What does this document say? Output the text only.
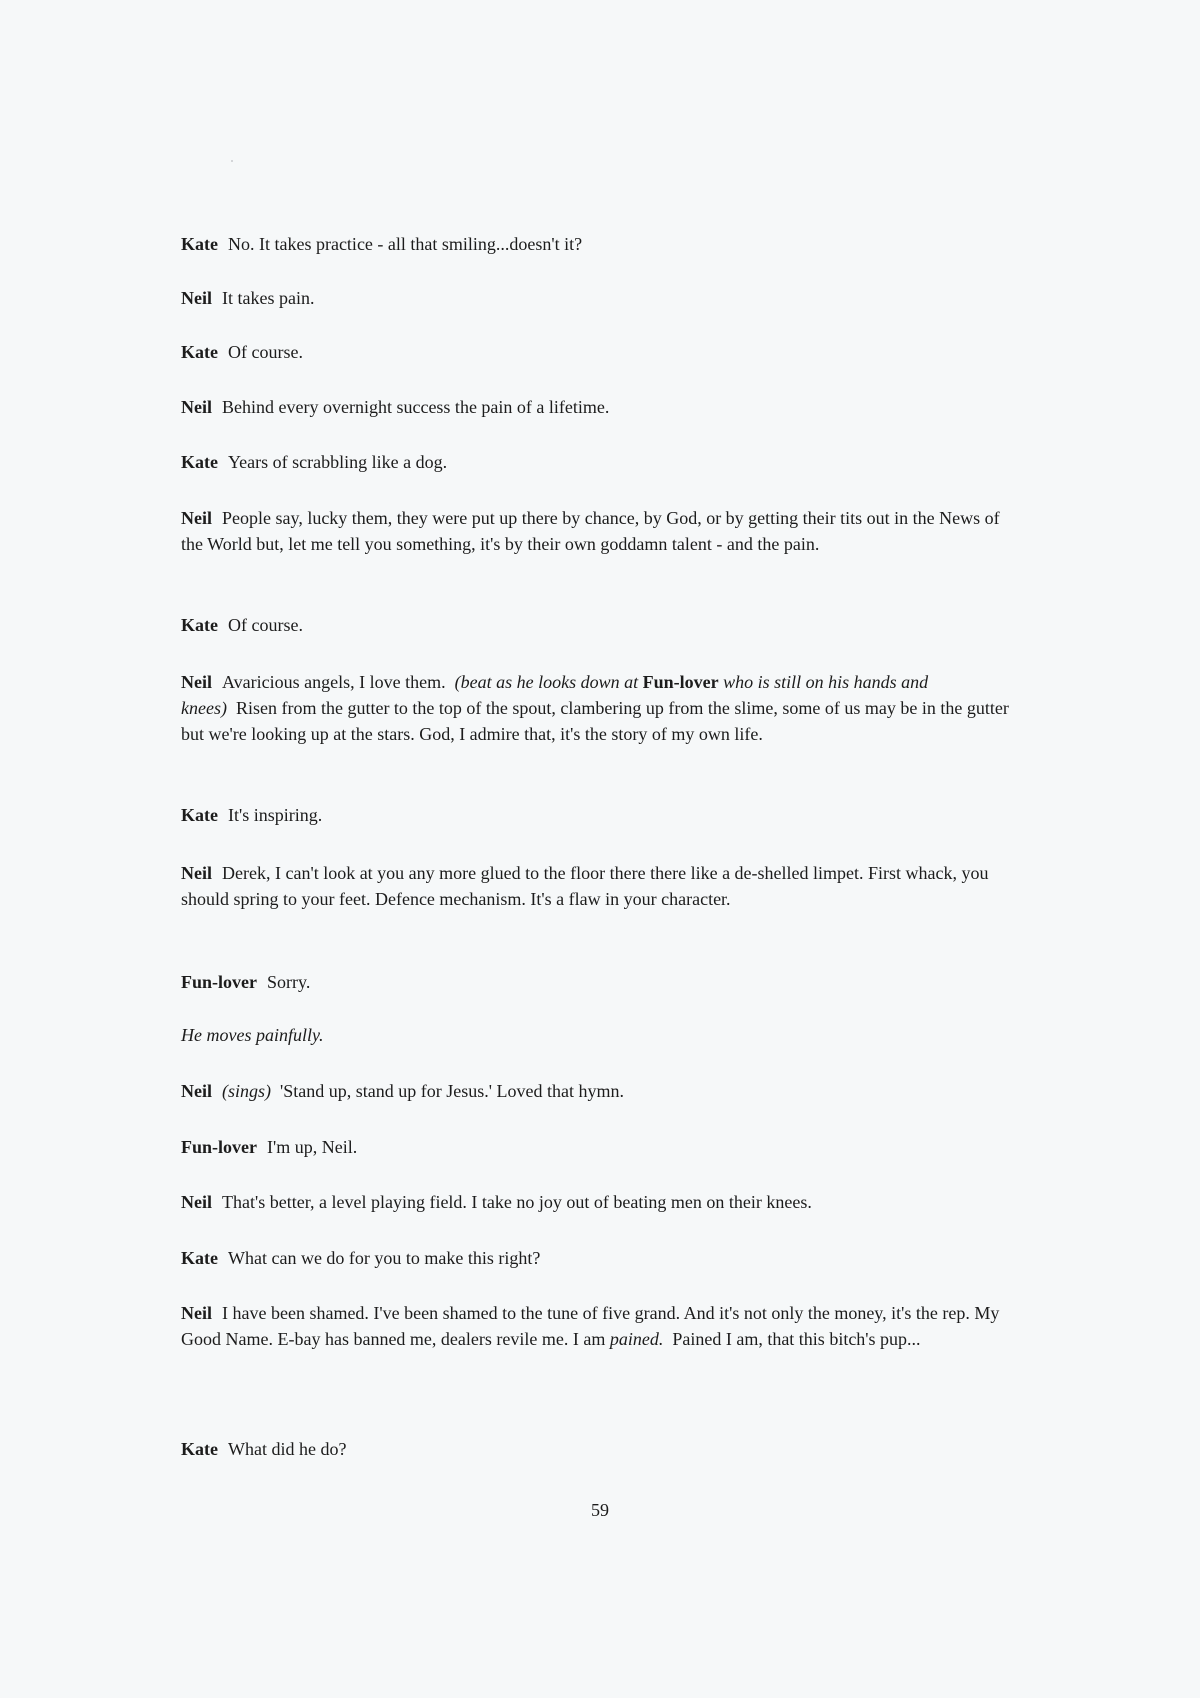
Kate No. It takes practice - all that smiling...doesn't it?

Neil It takes pain.

Kate Of course.

Neil Behind every overnight success the pain of a lifetime.

Kate Years of scrabbling like a dog.

Neil People say, lucky them, they were put up there by chance, by God, or by getting their tits out in the News of the World but, let me tell you something, it's by their own goddamn talent - and the pain.

Kate Of course.

Neil Avaricious angels, I love them. (beat as he looks down at Fun-lover who is still on his hands and knees) Risen from the gutter to the top of the spout, clambering up from the slime, some of us may be in the gutter but we're looking up at the stars. God, I admire that, it's the story of my own life.

Kate It's inspiring.

Neil Derek, I can't look at you any more glued to the floor there there like a de-shelled limpet. First whack, you should spring to your feet. Defence mechanism. It's a flaw in your character.

Fun-lover Sorry.

He moves painfully.

Neil (sings) 'Stand up, stand up for Jesus.' Loved that hymn.

Fun-lover I'm up, Neil.

Neil That's better, a level playing field. I take no joy out of beating men on their knees.

Kate What can we do for you to make this right?

Neil I have been shamed. I've been shamed to the tune of five grand. And it's not only the money, it's the rep. My Good Name. E-bay has banned me, dealers revile me. I am pained. Pained I am, that this bitch's pup...

Kate What did he do?

59
